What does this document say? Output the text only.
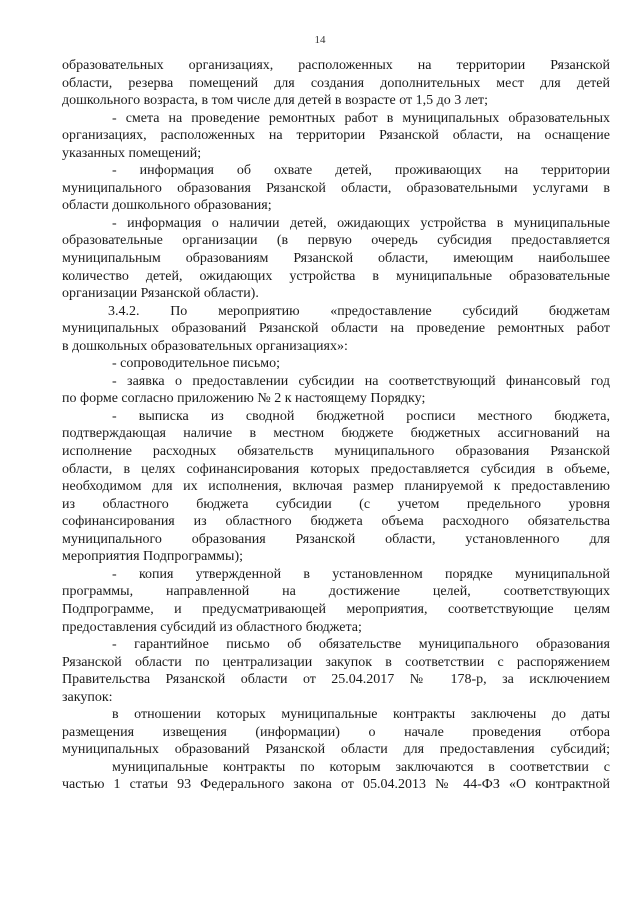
14
образовательных организациях, расположенных на территории Рязанской
области, резерва помещений для создания дополнительных мест для детей
дошкольного возраста, в том числе для детей в возрасте от 1,5 до 3 лет;
- смета на проведение ремонтных работ в муниципальных образовательных
организациях, расположенных на территории Рязанской области, на оснащение
указанных помещений;
- информация об охвате детей, проживающих на территории
муниципального образования Рязанской области, образовательными услугами в
области дошкольного образования;
- информация о наличии детей, ожидающих устройства в муниципальные
образовательные организации (в первую очередь субсидия предоставляется
муниципальным образованиям Рязанской области, имеющим наибольшее
количество детей, ожидающих устройства в муниципальные образовательные
организации Рязанской области).
3.4.2. По мероприятию «предоставление субсидий бюджетам
муниципальных образований Рязанской области на проведение ремонтных работ
в дошкольных образовательных организациях»:
- сопроводительное письмо;
- заявка о предоставлении субсидии на соответствующий финансовый год
по форме согласно приложению № 2 к настоящему Порядку;
- выписка из сводной бюджетной росписи местного бюджета,
подтверждающая наличие в местном бюджете бюджетных ассигнований на
исполнение расходных обязательств муниципального образования Рязанской
области, в целях софинансирования которых предоставляется субсидия в объеме,
необходимом для их исполнения, включая размер планируемой к предоставлению
из областного бюджета субсидии (с учетом предельного уровня
софинансирования из областного бюджета объема расходного обязательства
муниципального образования Рязанской области, установленного для
мероприятия Подпрограммы);
- копия утвержденной в установленном порядке муниципальной
программы, направленной на достижение целей, соответствующих
Подпрограмме, и предусматривающей мероприятия, соответствующие целям
предоставления субсидий из областного бюджета;
- гарантийное письмо об обязательстве муниципального образования
Рязанской области по централизации закупок в соответствии с распоряжением
Правительства Рязанской области от 25.04.2017 № 178-р, за исключением
закупок:
в отношении которых муниципальные контракты заключены до даты
размещения извещения (информации) о начале проведения отбора
муниципальных образований Рязанской области для предоставления субсидий;
муниципальные контракты по которым заключаются в соответствии с
частью 1 статьи 93 Федерального закона от 05.04.2013 № 44-ФЗ «О контрактной
